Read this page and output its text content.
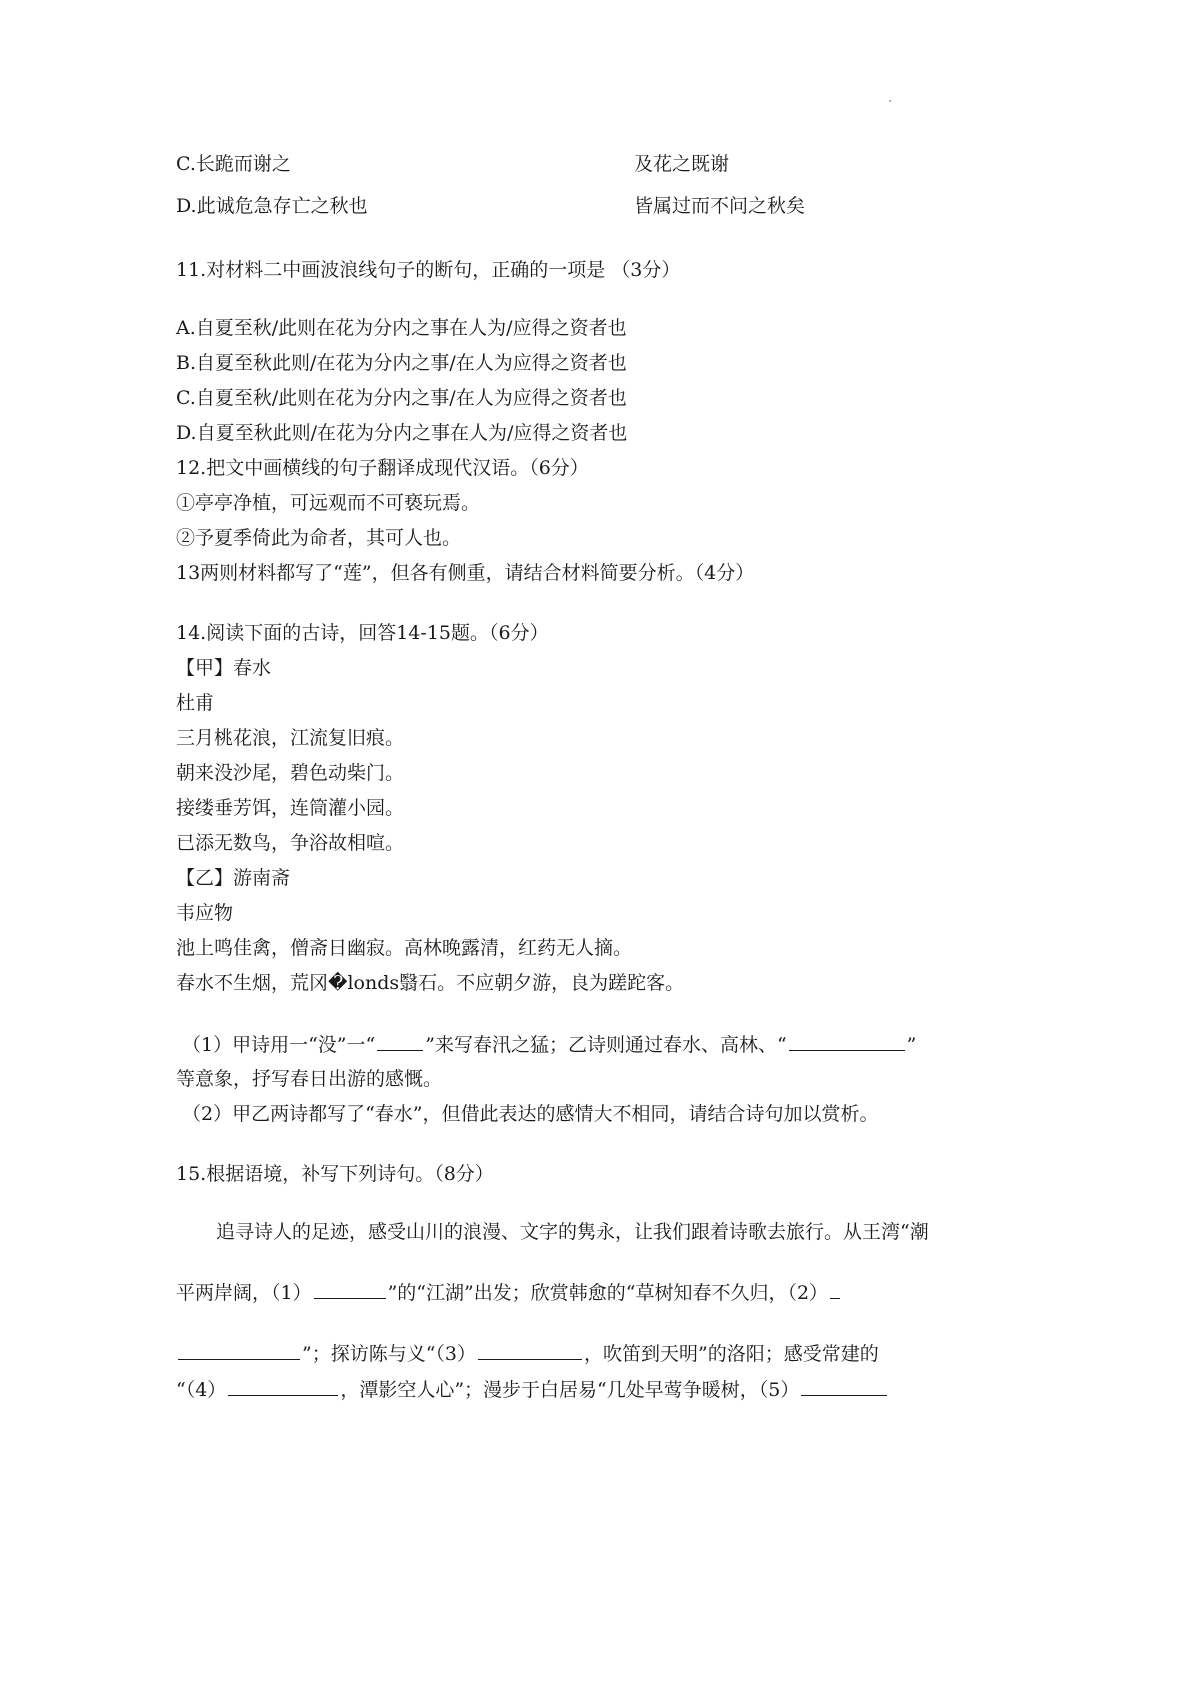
C.长跪而谢之	及花之既谢
D.此诚危急存亡之秋也	皆属过而不问之秋矣
11.对材料二中画波浪线句子的断句，正确的一项是 （3分）
A.自夏至秋/此则在花为分内之事在人为/应得之资者也
B.自夏至秋此则/在花为分内之事/在人为应得之资者也
C.自夏至秋/此则在花为分内之事/在人为应得之资者也
D.自夏至秋此则/在花为分内之事在人为/应得之资者也
12.把文中画横线的句子翻译成现代汉语。（6分）
①亭亭净植，可远观而不可亵玩焉。
②予夏季倚此为命者，其可人也。
13两则材料都写了“莲”，但各有侧重，请结合材料简要分析。（4分）
14.阅读下面的古诗，回答14-15题。（6分）
【甲】春水
杜甫
三月桃花浪，江流复旧痕。
朝来没沙尾，碧色动柴门。
接缕垂芳饵，连筒灌小园。
已添无数鸟，争浴故相喧。
【乙】游南斋
韦应物
池上鸣佳禽，僧斋日幽寂。高林晚露清，红药无人摘。
春水不生烟，荒冈�londs翳石。不应朝夕游，良为蹉跎客。
（1）甲诗用一“没”一“	”来写春汛之猛；乙诗则通过春水、高林、“	”
等意象，抒写春日出游的感慨。
（2）甲乙两诗都写了“春水”，但借此表达的感情大不相同，请结合诗句加以赏析。
15.根据语境，补写下列诗句。（8分）
追寻诗人的足迹，感受山川的浪漫、文字的隽永，让我们跟着诗歌去旅行。从王湾“潮
平两岸阔，（1）	”的“江湖”出发；欣赏韩愈的“草树知春不久归，（2）
”；探访陈与义“（3）	，吹笛到天明”的洛阳；感受常建的
“（4）	，潭影空人心”；漫步于白居易“几处早莺争暖树，（5）
